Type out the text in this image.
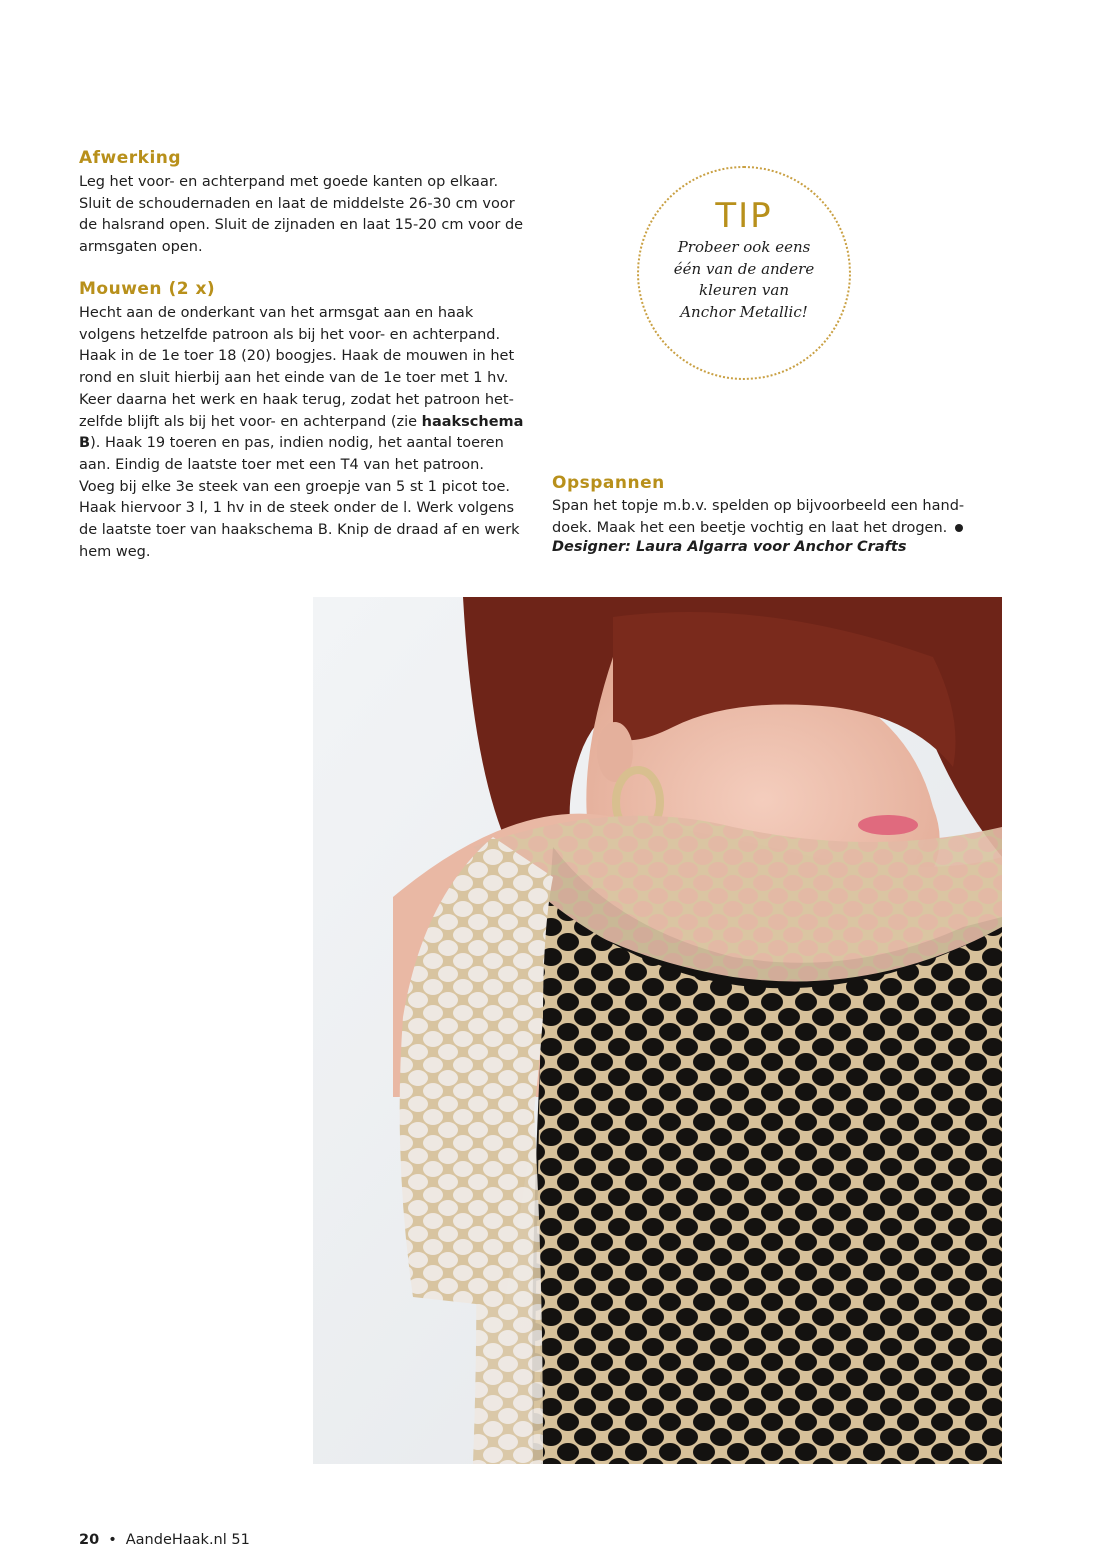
Afwerking
Leg het voor- en achterpand met goede kanten op elkaar.
Sluit de schoudernaden en laat de middelste 26-30 cm voor
de halsrand open. Sluit de zijnaden en laat 15-20 cm voor de
armsgaten open.
Mouwen (2 x)
Hecht aan de onderkant van het armsgat aan en haak
volgens hetzelfde patroon als bij het voor- en achterpand.
Haak in de 1e toer 18 (20) boogjes. Haak de mouwen in het
rond en sluit hierbij aan het einde van de 1e toer met 1 hv.
Keer daarna het werk en haak terug, zodat het patroon het-
zelfde blijft als bij het voor- en achterpand (zie haakschema
B). Haak 19 toeren en pas, indien nodig, het aantal toeren
aan. Eindig de laatste toer met een T4 van het patroon.
Voeg bij elke 3e steek van een groepje van 5 st 1 picot toe.
Haak hiervoor 3 l, 1 hv in de steek onder de l. Werk volgens
de laatste toer van haakschema B. Knip de draad af en werk
hem weg.
TIP
Probeer ook eens
één van de andere
kleuren van
Anchor Metallic!
Opspannen
Span het topje m.b.v. spelden op bijvoorbeeld een hand-
doek. Maak het een beetje vochtig en laat het drogen.

Designer: Laura Algarra voor Anchor Crafts

20 • AandeHaak.nl 51
